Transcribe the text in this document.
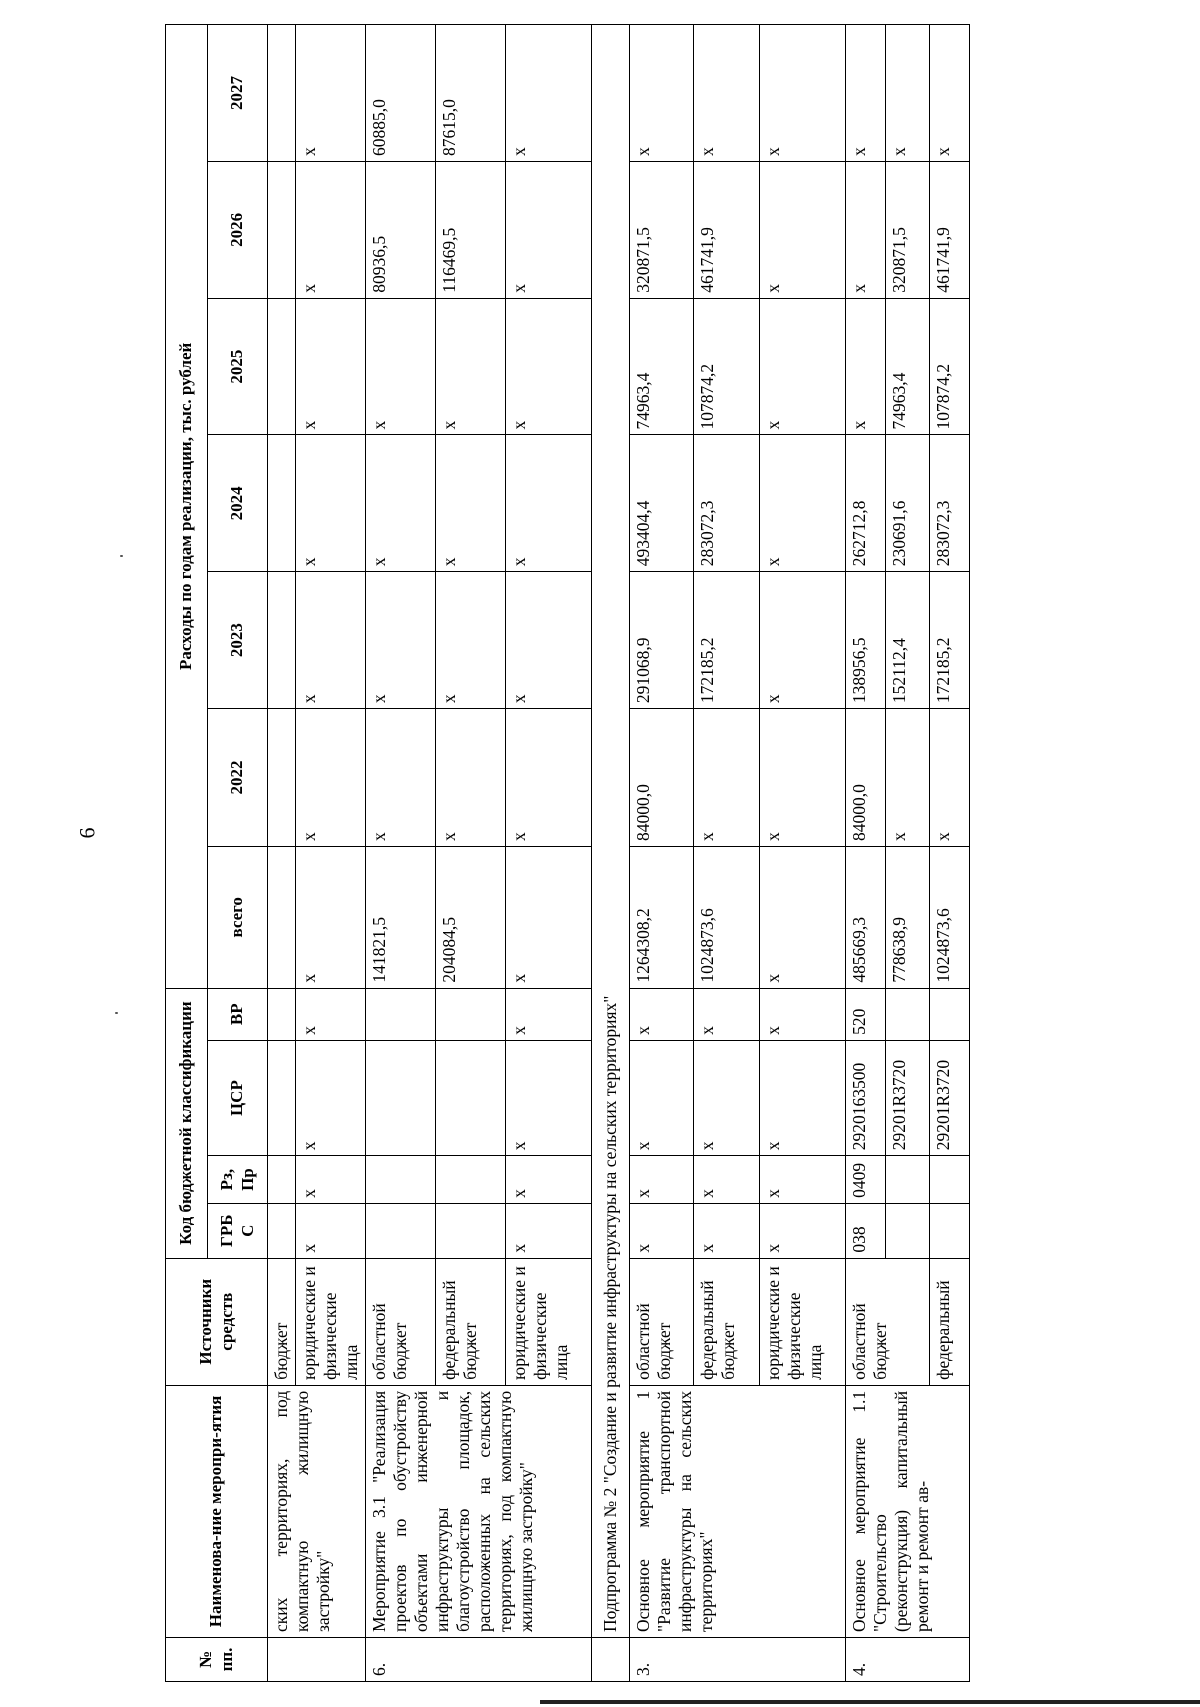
6
№ пп.	Наименова-ние меропри-ятия	Источники средств	Код бюджетной классификации				Расходы по годам реализации, тыс. рублей						
			ГРБ С	Рз, Пр	ЦСР	ВР	всего	2022	2023	2024	2025	2026	2027
	ских территориях, под компактную жилищную застройку"	бюджет											
		юридические и физические лица	х	х	х	х	х	х	х	х	х	х	х
6.	Мероприятие 3.1 "Реализация проектов по обустройству объектами инженерной инфраструктуры и благоустройство площадок, расположенных на сельских территориях, под компактную жилищную застройку"	областной бюджет					141821,5	х	х	х	х	80936,5	60885,0
		федеральный бюджет					204084,5	х	х	х	х	116469,5	87615,0
		юридические и физические лица	х	х	х	х	х	х	х	х	х	х	х
	Подпрограмма № 2 "Создание и развитие инфраструктуры на сельских территориях"												
3.	Основное мероприятие 1 "Развитие транспортной инфраструктуры на сельских территориях"	областной бюджет	х	х	х	х	1264308,2	84000,0	291068,9	493404,4	74963,4	320871,5	х
		федеральный бюджет	х	х	х	х	1024873,6	х	172185,2	283072,3	107874,2	461741,9	х
		юридические и физические лица	х	х	х	х	х	х	х	х	х	х	х
4.	Основное мероприятие 1.1 "Строительство (реконструкция) капитальный ремонт и ремонт ав-	областной бюджет	038	0409	2920163500	520	485669,3	84000,0	138956,5	262712,8	х	х	х
					29201R3720		778638,9	х	152112,4	230691,6	74963,4	320871,5	х
		федеральный			29201R3720		1024873,6	х	172185,2	283072,3	107874,2	461741,9	х
